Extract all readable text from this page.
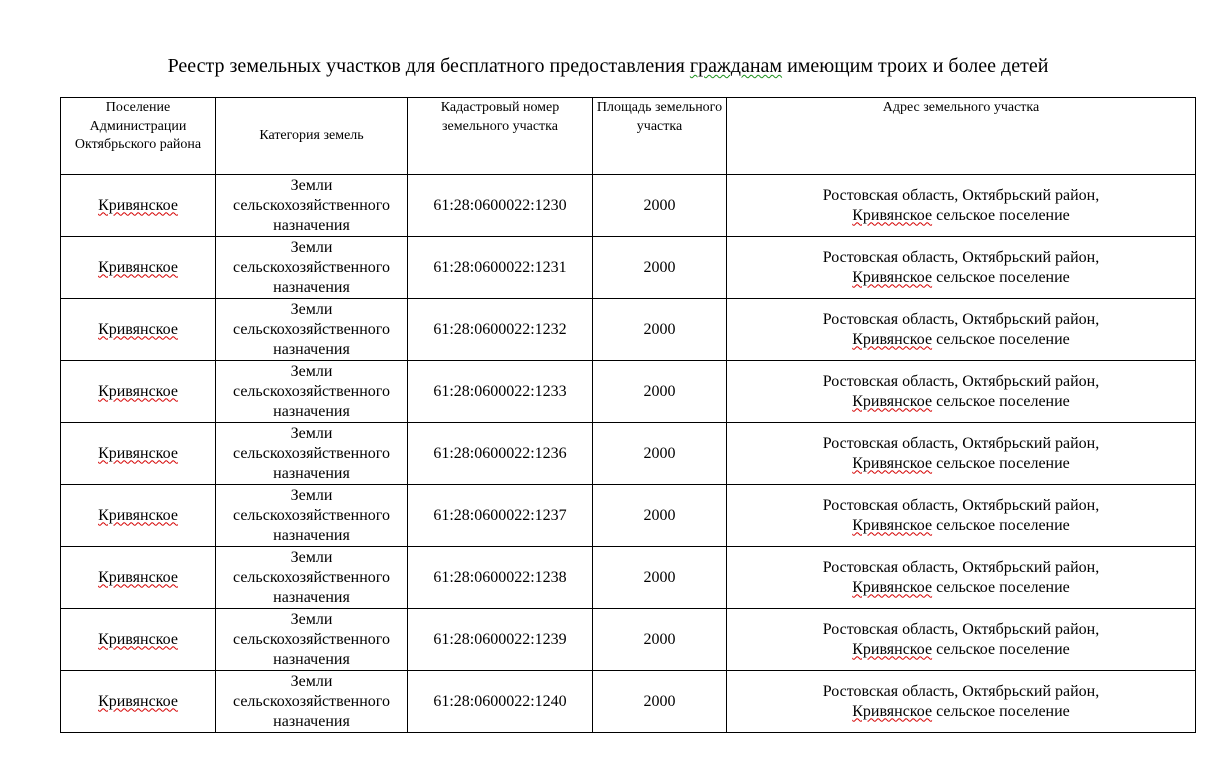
Реестр земельных участков для бесплатного предоставления гражданам имеющим троих и более детей
Поселение Администрации Октябрьского района	Категория земель	Кадастровый номер земельного участка	Площадь земельного участка	Адрес земельного участка
Кривянское	Земли
сельскохозяйственного
назначения	61:28:0600022:1230	2000	Ростовская область, Октябрьский район,
Кривянское сельское поселение

Кривянское	Земли
сельскохозяйственного
назначения	61:28:0600022:1231	2000	Ростовская область, Октябрьский район,
Кривянское сельское поселение

Кривянское	Земли
сельскохозяйственного
назначения	61:28:0600022:1232	2000	Ростовская область, Октябрьский район,
Кривянское сельское поселение

Кривянское	Земли
сельскохозяйственного
назначения	61:28:0600022:1233	2000	Ростовская область, Октябрьский район,
Кривянское сельское поселение

Кривянское	Земли
сельскохозяйственного
назначения	61:28:0600022:1236	2000	Ростовская область, Октябрьский район,
Кривянское сельское поселение

Кривянское	Земли
сельскохозяйственного
назначения	61:28:0600022:1237	2000	Ростовская область, Октябрьский район,
Кривянское сельское поселение

Кривянское	Земли
сельскохозяйственного
назначения	61:28:0600022:1238	2000	Ростовская область, Октябрьский район,
Кривянское сельское поселение

Кривянское	Земли
сельскохозяйственного
назначения	61:28:0600022:1239	2000	Ростовская область, Октябрьский район,
Кривянское сельское поселение

Кривянское	Земли
сельскохозяйственного
назначения	61:28:0600022:1240	2000	Ростовская область, Октябрьский район,
Кривянское сельское поселение
